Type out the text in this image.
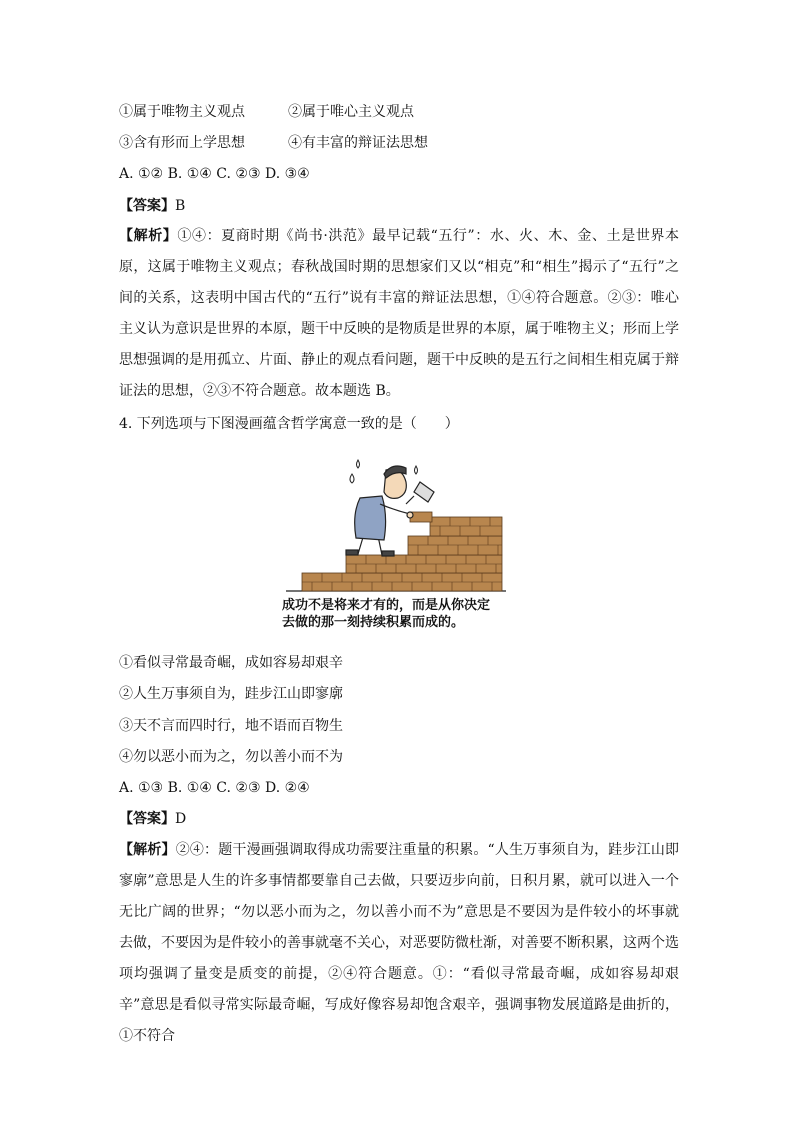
①属于唯物主义观点	②属于唯心主义观点
③含有形而上学思想	④有丰富的辩证法思想
A. ①② B. ①④ C. ②③ D. ③④
【答案】B
【解析】①④：夏商时期《尚书·洪范》最早记载“五行”：水、火、木、金、土是世界本原，这属于唯物主义观点；春秋战国时期的思想家们又以“相克”和“相生”揭示了“五行”之间的关系，这表明中国古代的“五行”说有丰富的辩证法思想，①④符合题意。②③：唯心主义认为意识是世界的本原，题干中反映的是物质是世界的本原，属于唯物主义；形而上学思想强调的是用孤立、片面、静止的观点看问题，题干中反映的是五行之间相生相克属于辩证法的思想，②③不符合题意。故本题选 B。
4. 下列选项与下图漫画蕴含哲学寓意一致的是（　　）
成功不是将来才有的，而是从你决定
去做的那一刻持续积累而成的。
①看似寻常最奇崛，成如容易却艰辛
②人生万事须自为，跬步江山即寥廓
③天不言而四时行，地不语而百物生
④勿以恶小而为之，勿以善小而不为
A. ①③ B. ①④ C. ②③ D. ②④
【答案】D
【解析】②④：题干漫画强调取得成功需要注重量的积累。“人生万事须自为，跬步江山即寥廓”意思是人生的许多事情都要靠自己去做，只要迈步向前，日积月累，就可以进入一个无比广阔的世界；“勿以恶小而为之，勿以善小而不为”意思是不要因为是件较小的坏事就去做，不要因为是件较小的善事就毫不关心，对恶要防微杜渐，对善要不断积累，这两个选项均强调了量变是质变的前提，②④符合题意。①：“看似寻常最奇崛，成如容易却艰辛”意思是看似寻常实际最奇崛，写成好像容易却饱含艰辛，强调事物发展道路是曲折的，①不符合
